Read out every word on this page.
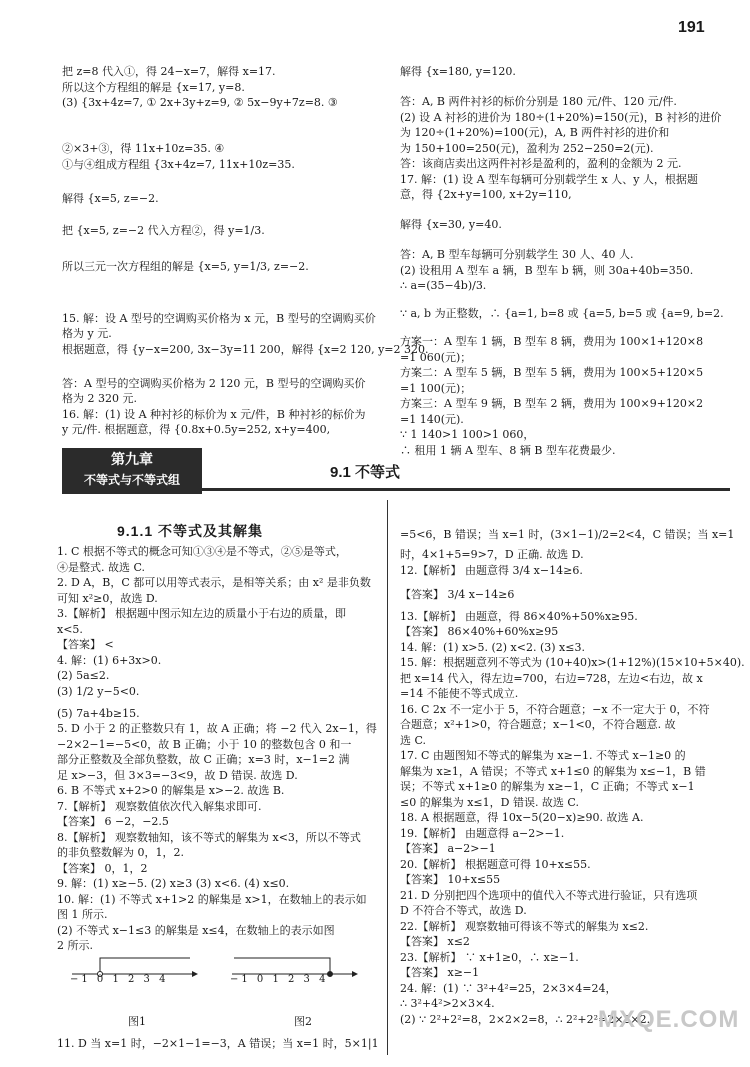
191
把 z=8 代入①，得 24−x=7，解得 x=17.
所以这个方程组的解是 {x=17, y=8.
(3) {3x+4z=7, ① 2x+3y+z=9, ② 5x−9y+7z=8. ③
②×3+③，得 11x+10z=35. ④
①与④组成方程组 {3x+4z=7, 11x+10z=35.
解得 {x=5, z=−2.
把 {x=5, z=−2 代入方程②，得 y=1/3.
所以三元一次方程组的解是 {x=5, y=1/3, z=−2.
15. 解：设 A 型号的空调购买价格为 x 元，B 型号的空调购买价
格为 y 元.
根据题意，得 {y−x=200, 3x−3y=11 200，解得 {x=2 120, y=2 320.
答：A 型号的空调购买价格为 2 120 元，B 型号的空调购买价
格为 2 320 元.
16. 解：(1) 设 A 种衬衫的标价为 x 元/件，B 种衬衫的标价为
y 元/件. 根据题意，得 {0.8x+0.5y=252, x+y=400,
解得 {x=180, y=120.
答：A, B 两件衬衫的标价分别是 180 元/件、120 元/件.
(2) 设 A 衬衫的进价为 180÷(1+20%)=150(元)，B 衬衫的进价
为 120÷(1+20%)=100(元)，A, B 两件衬衫的进价和
为 150+100=250(元)，盈利为 252−250=2(元).
答：该商店卖出这两件衬衫是盈利的，盈利的金额为 2 元.
17. 解：(1) 设 A 型车每辆可分别载学生 x 人、y 人，根据题
意，得 {2x+y=100, x+2y=110,
解得 {x=30, y=40.
答：A, B 型车每辆可分别载学生 30 人、40 人.
(2) 设租用 A 型车 a 辆，B 型车 b 辆，则 30a+40b=350.
∴ a=(35−4b)/3.
∵ a, b 为正整数，∴ {a=1, b=8 或 {a=5, b=5 或 {a=9, b=2.
方案一：A 型车 1 辆，B 型车 8 辆，费用为 100×1+120×8
=1 060(元)；
方案二：A 型车 5 辆，B 型车 5 辆，费用为 100×5+120×5
=1 100(元)；
方案三：A 型车 9 辆，B 型车 2 辆，费用为 100×9+120×2
=1 140(元).
∵ 1 140>1 100>1 060，
∴ 租用 1 辆 A 型车、8 辆 B 型车花费最少.
第九章
不等式与不等式组	9.1 不等式
9.1.1 不等式及其解集
1. C 根据不等式的概念可知①③④是不等式，②⑤是等式，
④是整式. 故选 C.
2. D A，B，C 都可以用等式表示，是相等关系；由 x² 是非负数
可知 x²≥0，故选 D.
3.【解析】 根据题中图示知左边的质量小于右边的质量，即
x<5.
【答案】 <
4. 解：(1) 6+3x>0.
(2) 5a≤2.
(3) 1/2 y−5<0.
(5) 7a+4b≥15.
5. D 小于 2 的正整数只有 1，故 A 正确；将 −2 代入 2x−1，得
−2×2−1=−5<0，故 B 正确；小于 10 的整数包含 0 和一
部分正整数及全部负整数，故 C 正确；x=3 时，x−1=2 满
足 x>−3，但 3×3=−3<9，故 D 错误. 故选 D.
6. B 不等式 x+2>0 的解集是 x>−2. 故选 B.
7.【解析】 观察数值依次代入解集求即可.
【答案】 6 −2，−2.5
8.【解析】 观察数轴知，该不等式的解集为 x<3，所以不等式
的非负整数解为 0，1，2.
【答案】 0，1，2
9. 解：(1) x≥−5. (2) x≥3 (3) x<6. (4) x≤0.
10. 解：(1) 不等式 x+1>2 的解集是 x>1，在数轴上的表示如
图 1 所示.
(2) 不等式 x−1≤3 的解集是 x≤4，在数轴上的表示如图
2 所示.
−1 0 1 2 3 4	−1 0 1 2 3 4
图1	图2
11. D 当 x=1 时，−2×1−1=−3，A 错误；当 x=1 时，5×1|1
=5<6，B 错误；当 x=1 时，(3×1−1)/2=2<4，C 错误；当 x=1
时，4×1+5=9>7，D 正确. 故选 D.
12.【解析】 由题意得 3/4 x−14≥6.
【答案】 3/4 x−14≥6
13.【解析】 由题意，得 86×40%+50%x≥95.
【答案】 86×40%+60%x≥95
14. 解：(1) x>5. (2) x<2. (3) x≤3.
15. 解：根据题意列不等式为 (10+40)x>(1+12%)(15×10+5×40).
把 x=14 代入，得左边=700，右边=728，左边<右边，故 x
=14 不能使不等式成立.
16. C 2x 不一定小于 5，不符合题意；−x 不一定大于 0，不符
合题意；x²+1>0，符合题意；x−1<0，不符合题意. 故
选 C.
17. C 由题图知不等式的解集为 x≥−1. 不等式 x−1≥0 的
解集为 x≥1，A 错误；不等式 x+1≤0 的解集为 x≤−1，B 错
误；不等式 x+1≥0 的解集为 x≥−1，C 正确；不等式 x−1
≤0 的解集为 x≤1，D 错误. 故选 C.
18. A 根据题意，得 10x−5(20−x)≥90. 故选 A.
19.【解析】 由题意得 a−2>−1.
【答案】 a−2>−1
20.【解析】 根据题意可得 10+x≤55.
【答案】 10+x≤55
21. D 分别把四个选项中的值代入不等式进行验证，只有选项
D 不符合不等式，故选 D.
22.【解析】 观察数轴可得该不等式的解集为 x≤2.
【答案】 x≤2
23.【解析】 ∵ x+1≥0，∴ x≥−1.
【答案】 x≥−1
24. 解：(1) ∵ 3²+4²=25，2×3×4=24，
∴ 3²+4²>2×3×4.
(2) ∵ 2²+2²=8，2×2×2=8，∴ 2²+2²=2×2×2.
MXQE.COM
